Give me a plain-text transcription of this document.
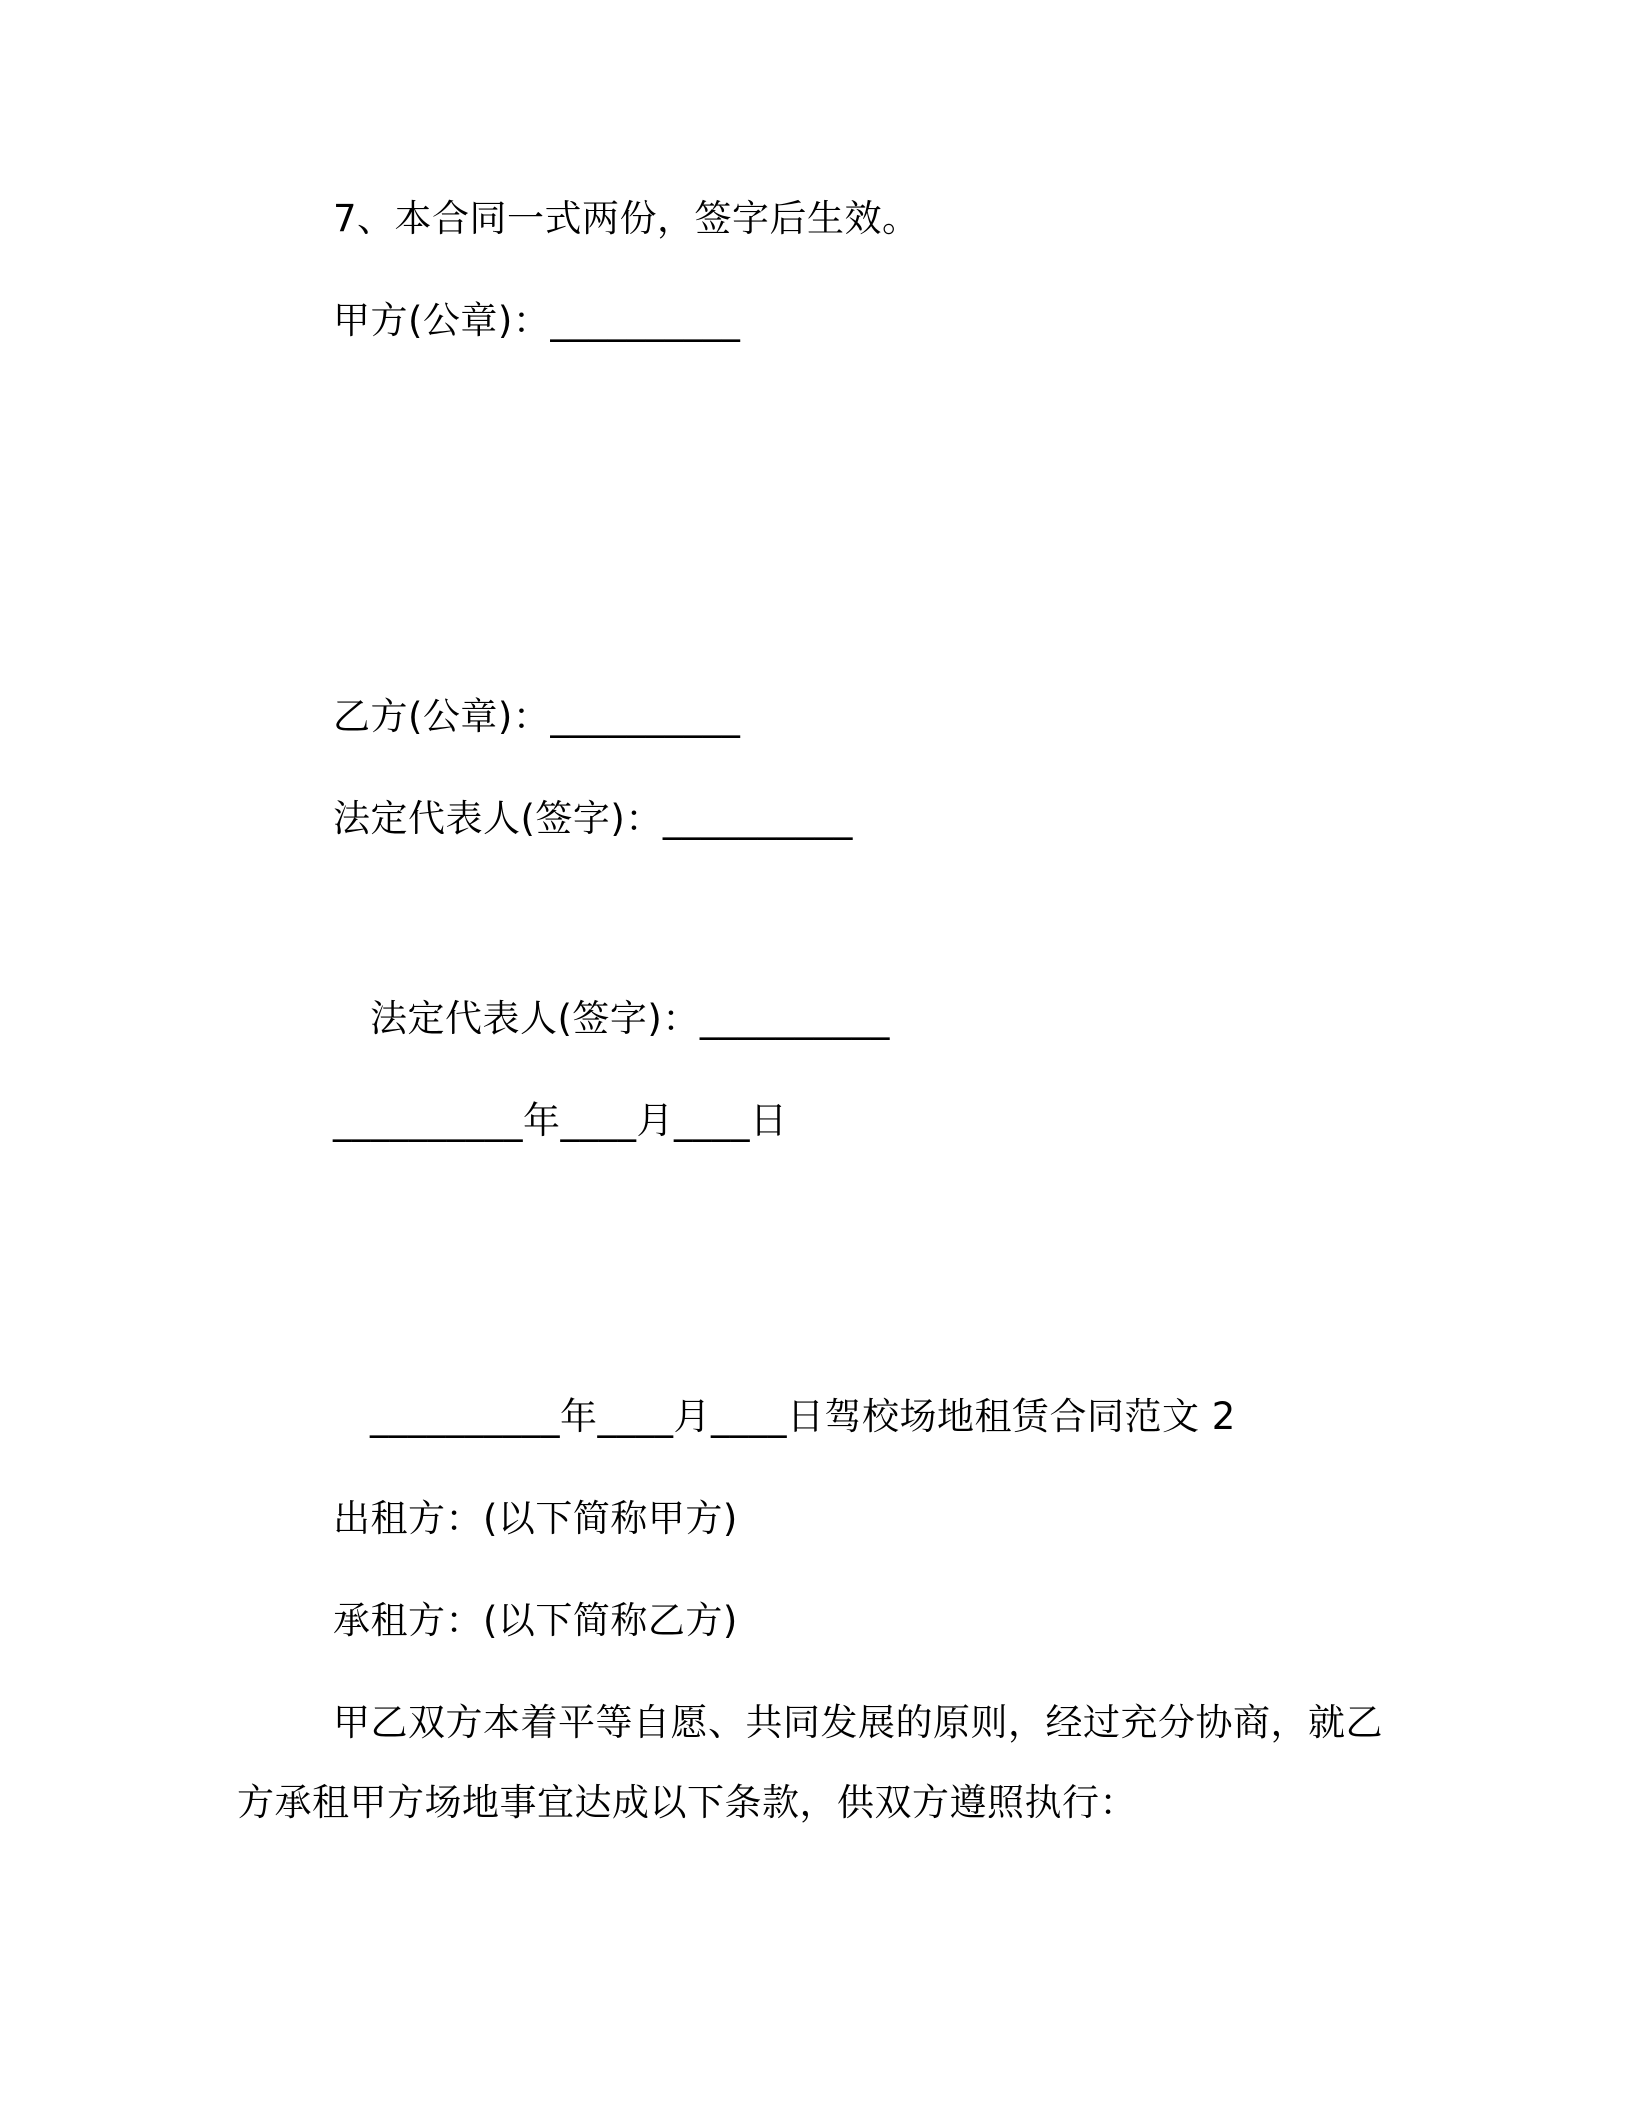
7、本合同一式两份，签字后生效。
甲方(公章)：__________
乙方(公章)：__________
法定代表人(签字)：__________
法定代表人(签字)：__________
__________年____月____日
__________年____月____日驾校场地租赁合同范文 2
出租方：(以下简称甲方)
承租方：(以下简称乙方)
甲乙双方本着平等自愿、共同发展的原则，经过充分协商，就乙
方承租甲方场地事宜达成以下条款，供双方遵照执行：
